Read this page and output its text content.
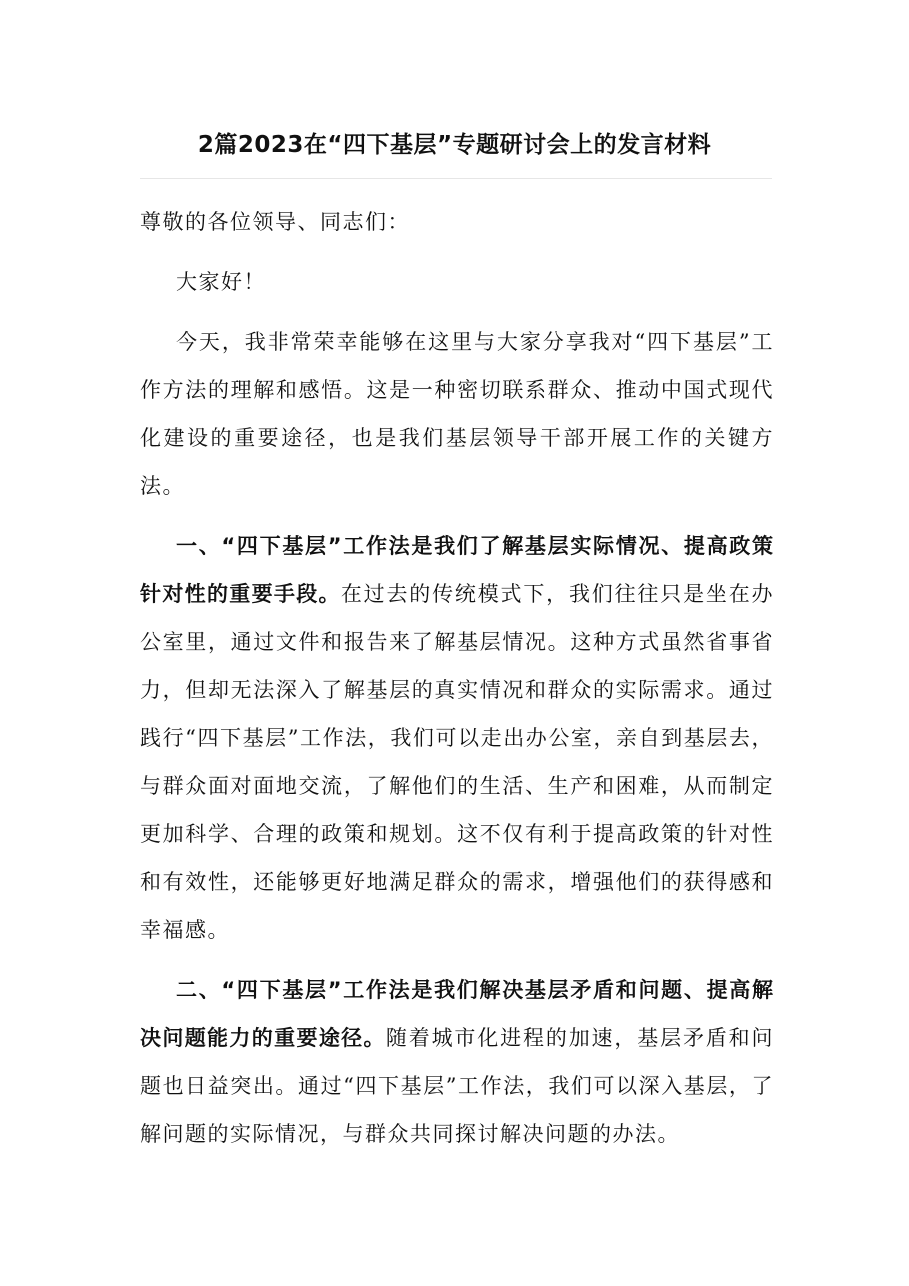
2篇2023在“四下基层”专题研讨会上的发言材料

尊敬的各位领导、同志们：

大家好！

今天，我非常荣幸能够在这里与大家分享我对“四下基层”工作方法的理解和感悟。这是一种密切联系群众、推动中国式现代化建设的重要途径，也是我们基层领导干部开展工作的关键方法。

一、“四下基层”工作法是我们了解基层实际情况、提高政策针对性的重要手段。在过去的传统模式下，我们往往只是坐在办公室里，通过文件和报告来了解基层情况。这种方式虽然省事省力，但却无法深入了解基层的真实情况和群众的实际需求。通过践行“四下基层”工作法，我们可以走出办公室，亲自到基层去，与群众面对面地交流，了解他们的生活、生产和困难，从而制定更加科学、合理的政策和规划。这不仅有利于提高政策的针对性和有效性，还能够更好地满足群众的需求，增强他们的获得感和幸福感。

二、“四下基层”工作法是我们解决基层矛盾和问题、提高解决问题能力的重要途径。随着城市化进程的加速，基层矛盾和问题也日益突出。通过“四下基层”工作法，我们可以深入基层，了解问题的实际情况，与群众共同探讨解决问题的办法。
